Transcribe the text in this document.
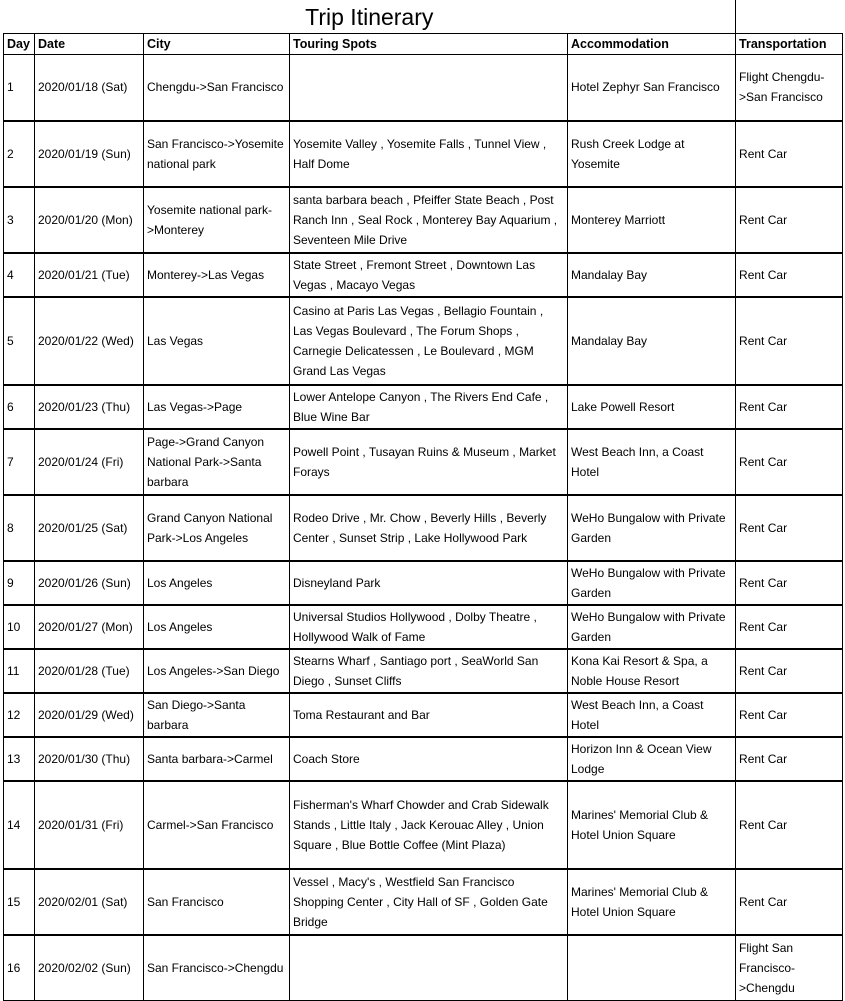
Trip Itinerary					
Day	Date	City	Touring Spots	Accommodation	Transportation
1	2020/01/18 (Sat)	Chengdu->San Francisco		Hotel Zephyr San Francisco	Flight Chengdu->San Francisco
2	2020/01/19 (Sun)	San Francisco->Yosemite national park	Yosemite Valley , Yosemite Falls , Tunnel View , Half Dome	Rush Creek Lodge at Yosemite	Rent Car
3	2020/01/20 (Mon)	Yosemite national park->Monterey	santa barbara beach , Pfeiffer State Beach , Post Ranch Inn , Seal Rock , Monterey Bay Aquarium , Seventeen Mile Drive	Monterey Marriott	Rent Car
4	2020/01/21 (Tue)	Monterey->Las Vegas	State Street , Fremont Street , Downtown Las Vegas , Macayo Vegas	Mandalay Bay	Rent Car
5	2020/01/22 (Wed)	Las Vegas	Casino at Paris Las Vegas , Bellagio Fountain , Las Vegas Boulevard , The Forum Shops , Carnegie Delicatessen , Le Boulevard , MGM Grand Las Vegas	Mandalay Bay	Rent Car
6	2020/01/23 (Thu)	Las Vegas->Page	Lower Antelope Canyon , The Rivers End Cafe , Blue Wine Bar	Lake Powell Resort	Rent Car
7	2020/01/24 (Fri)	Page->Grand Canyon National Park->Santa barbara	Powell Point , Tusayan Ruins & Museum , Market Forays	West Beach Inn, a Coast Hotel	Rent Car
8	2020/01/25 (Sat)	Grand Canyon National Park->Los Angeles	Rodeo Drive , Mr. Chow , Beverly Hills , Beverly Center , Sunset Strip , Lake Hollywood Park	WeHo Bungalow with Private Garden	Rent Car
9	2020/01/26 (Sun)	Los Angeles	Disneyland Park	WeHo Bungalow with Private Garden	Rent Car
10	2020/01/27 (Mon)	Los Angeles	Universal Studios Hollywood , Dolby Theatre , Hollywood Walk of Fame	WeHo Bungalow with Private Garden	Rent Car
11	2020/01/28 (Tue)	Los Angeles->San Diego	Stearns Wharf , Santiago port , SeaWorld San Diego , Sunset Cliffs	Kona Kai Resort & Spa, a Noble House Resort	Rent Car
12	2020/01/29 (Wed)	San Diego->Santa barbara	Toma Restaurant and Bar	West Beach Inn, a Coast Hotel	Rent Car
13	2020/01/30 (Thu)	Santa barbara->Carmel	Coach Store	Horizon Inn & Ocean View Lodge	Rent Car
14	2020/01/31 (Fri)	Carmel->San Francisco	Fisherman's Wharf Chowder and Crab Sidewalk Stands , Little Italy , Jack Kerouac Alley , Union Square , Blue Bottle Coffee (Mint Plaza)	Marines' Memorial Club & Hotel Union Square	Rent Car
15	2020/02/01 (Sat)	San Francisco	Vessel , Macy's , Westfield San Francisco Shopping Center , City Hall of SF , Golden Gate Bridge	Marines' Memorial Club & Hotel Union Square	Rent Car
16	2020/02/02 (Sun)	San Francisco->Chengdu			Flight San Francisco->Chengdu
